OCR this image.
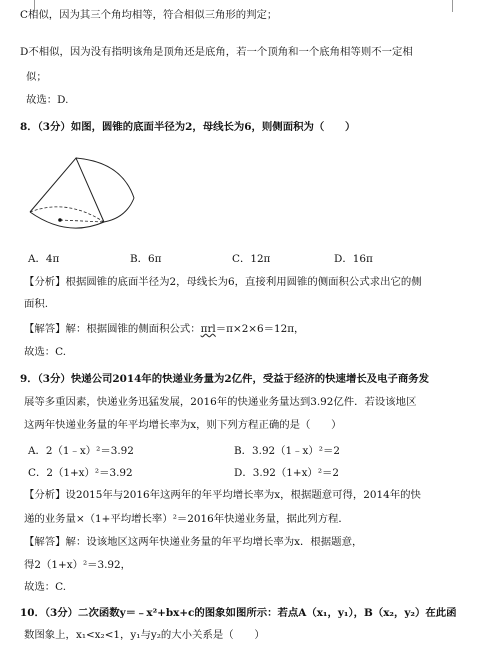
C相似，因为其三个角均相等，符合相似三角形的判定；
D不相似，因为没有指明该角是顶角还是底角，若一个顶角和一个底角相等则不一定相
似；
故选：D.
8．（3分）如图，圆锥的底面半径为2，母线长为6，则侧面积为（　　）
A．4π	B．6π	C．12π	D．16π
【分析】根据圆锥的底面半径为2，母线长为6，直接利用圆锥的侧面积公式求出它的侧
面积.
【解答】解：根据圆锥的侧面积公式：πrl＝π×2×6＝12π，
故选：C.
9．（3分）快递公司2014年的快递业务量为2亿件，受益于经济的快速增长及电子商务发
展等多重因素，快递业务迅猛发展，2016年的快递业务量达到3.92亿件．若设该地区
这两年快递业务量的年平均增长率为x，则下列方程正确的是（　　）
A．2（1﹣x）²＝3.92	B．3.92（1﹣x）²＝2
C．2（1+x）²＝3.92	D．3.92（1+x）²＝2
【分析】设2015年与2016年这两年的年平均增长率为x，根据题意可得，2014年的快
递的业务量×（1+平均增长率）²＝2016年快递业务量，据此列方程．
【解答】解：设该地区这两年快递业务量的年平均增长率为x．根据题意，
得2（1+x）²＝3.92，
故选：C.
10．（3分）二次函数y＝﹣x²+bx+c的图象如图所示：若点A（x₁，y₁），B（x₂，y₂）在此函
数图象上，x₁<x₂<1，y₁与y₂的大小关系是（　　）
